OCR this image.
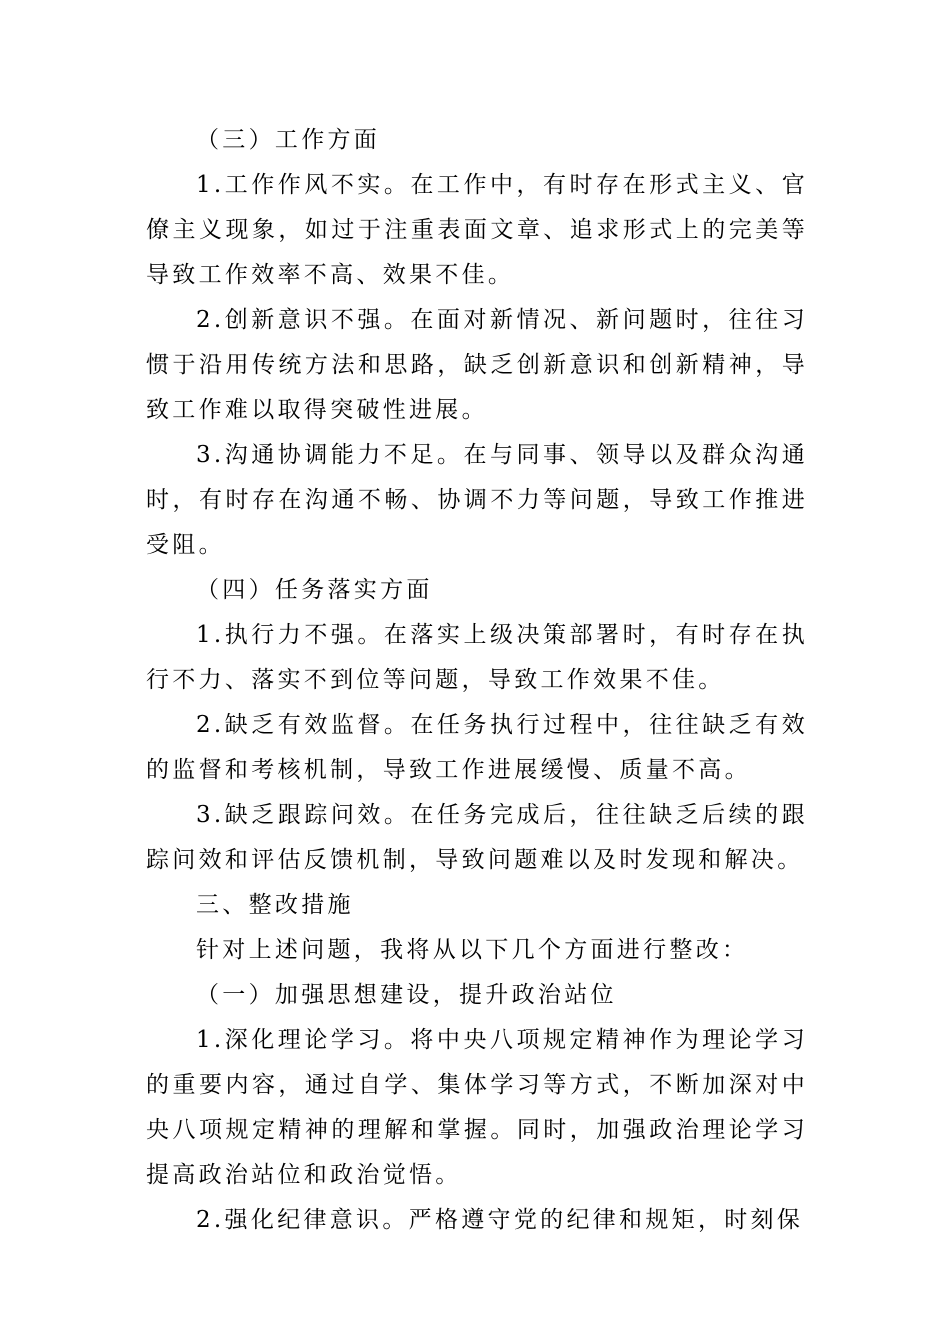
（三）工作方面

1.工作作风不实。在工作中，有时存在形式主义、官僚主义现象，如过于注重表面文章、追求形式上的完美等导致工作效率不高、效果不佳。

2.创新意识不强。在面对新情况、新问题时，往往习惯于沿用传统方法和思路，缺乏创新意识和创新精神，导致工作难以取得突破性进展。

3.沟通协调能力不足。在与同事、领导以及群众沟通时，有时存在沟通不畅、协调不力等问题，导致工作推进受阻。

（四）任务落实方面

1.执行力不强。在落实上级决策部署时，有时存在执行不力、落实不到位等问题，导致工作效果不佳。

2.缺乏有效监督。在任务执行过程中，往往缺乏有效的监督和考核机制，导致工作进展缓慢、质量不高。

3.缺乏跟踪问效。在任务完成后，往往缺乏后续的跟踪问效和评估反馈机制，导致问题难以及时发现和解决。

三、整改措施

针对上述问题，我将从以下几个方面进行整改：

（一）加强思想建设，提升政治站位

1.深化理论学习。将中央八项规定精神作为理论学习的重要内容，通过自学、集体学习等方式，不断加深对中央八项规定精神的理解和掌握。同时，加强政治理论学习提高政治站位和政治觉悟。

2.强化纪律意识。严格遵守党的纪律和规矩，时刻保
